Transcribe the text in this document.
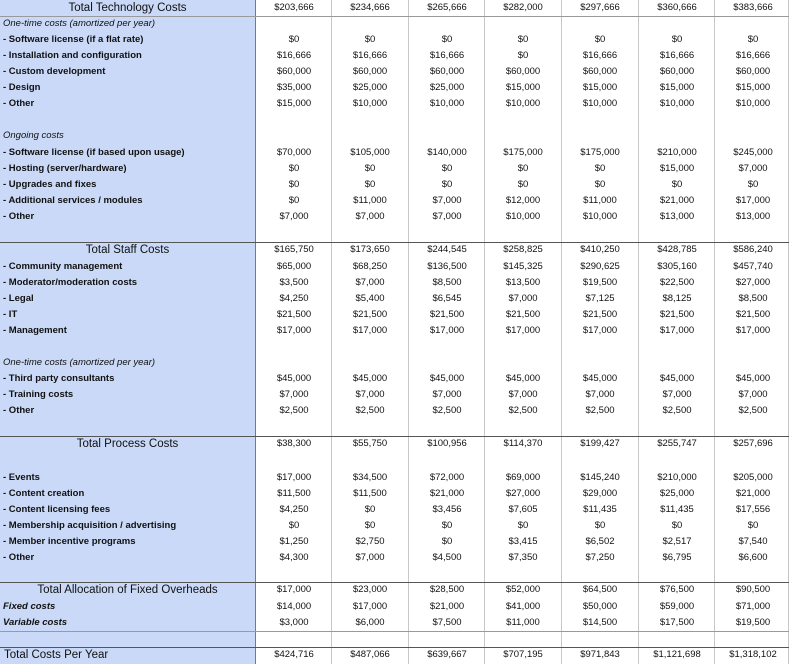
Total Technology Costs	$203,666	$234,666	$265,666	$282,000	$297,666	$360,666	$383,666
One-time costs (amortized per year)
- Software license (if a flat rate)	$0	$0	$0	$0	$0	$0	$0
- Installation and configuration	$16,666	$16,666	$16,666	$0	$16,666	$16,666	$16,666
- Custom development	$60,000	$60,000	$60,000	$60,000	$60,000	$60,000	$60,000
- Design	$35,000	$25,000	$25,000	$15,000	$15,000	$15,000	$15,000
- Other	$15,000	$10,000	$10,000	$10,000	$10,000	$10,000	$10,000
Ongoing costs
- Software license (if based upon usage)	$70,000	$105,000	$140,000	$175,000	$175,000	$210,000	$245,000
- Hosting (server/hardware)	$0	$0	$0	$0	$0	$15,000	$7,000
- Upgrades and fixes	$0	$0	$0	$0	$0	$0	$0
- Additional services / modules	$0	$11,000	$7,000	$12,000	$11,000	$21,000	$17,000
- Other	$7,000	$7,000	$7,000	$10,000	$10,000	$13,000	$13,000
Total Staff Costs	$165,750	$173,650	$244,545	$258,825	$410,250	$428,785	$586,240
- Community management	$65,000	$68,250	$136,500	$145,325	$290,625	$305,160	$457,740
- Moderator/moderation costs	$3,500	$7,000	$8,500	$13,500	$19,500	$22,500	$27,000
- Legal	$4,250	$5,400	$6,545	$7,000	$7,125	$8,125	$8,500
- IT	$21,500	$21,500	$21,500	$21,500	$21,500	$21,500	$21,500
- Management	$17,000	$17,000	$17,000	$17,000	$17,000	$17,000	$17,000
One-time costs (amortized per year)
- Third party consultants	$45,000	$45,000	$45,000	$45,000	$45,000	$45,000	$45,000
- Training costs	$7,000	$7,000	$7,000	$7,000	$7,000	$7,000	$7,000
- Other	$2,500	$2,500	$2,500	$2,500	$2,500	$2,500	$2,500
Total Process Costs	$38,300	$55,750	$100,956	$114,370	$199,427	$255,747	$257,696
- Events	$17,000	$34,500	$72,000	$69,000	$145,240	$210,000	$205,000
- Content creation	$11,500	$11,500	$21,000	$27,000	$29,000	$25,000	$21,000
- Content licensing fees	$4,250	$0	$3,456	$7,605	$11,435	$11,435	$17,556
- Membership acquisition / advertising	$0	$0	$0	$0	$0	$0	$0
- Member incentive programs	$1,250	$2,750	$0	$3,415	$6,502	$2,517	$7,540
- Other	$4,300	$7,000	$4,500	$7,350	$7,250	$6,795	$6,600
Total Allocation of Fixed Overheads	$17,000	$23,000	$28,500	$52,000	$64,500	$76,500	$90,500
Fixed costs	$14,000	$17,000	$21,000	$41,000	$50,000	$59,000	$71,000
Variable costs	$3,000	$6,000	$7,500	$11,000	$14,500	$17,500	$19,500
Total Costs Per Year	$424,716	$487,066	$639,667	$707,195	$971,843	$1,121,698	$1,318,102
